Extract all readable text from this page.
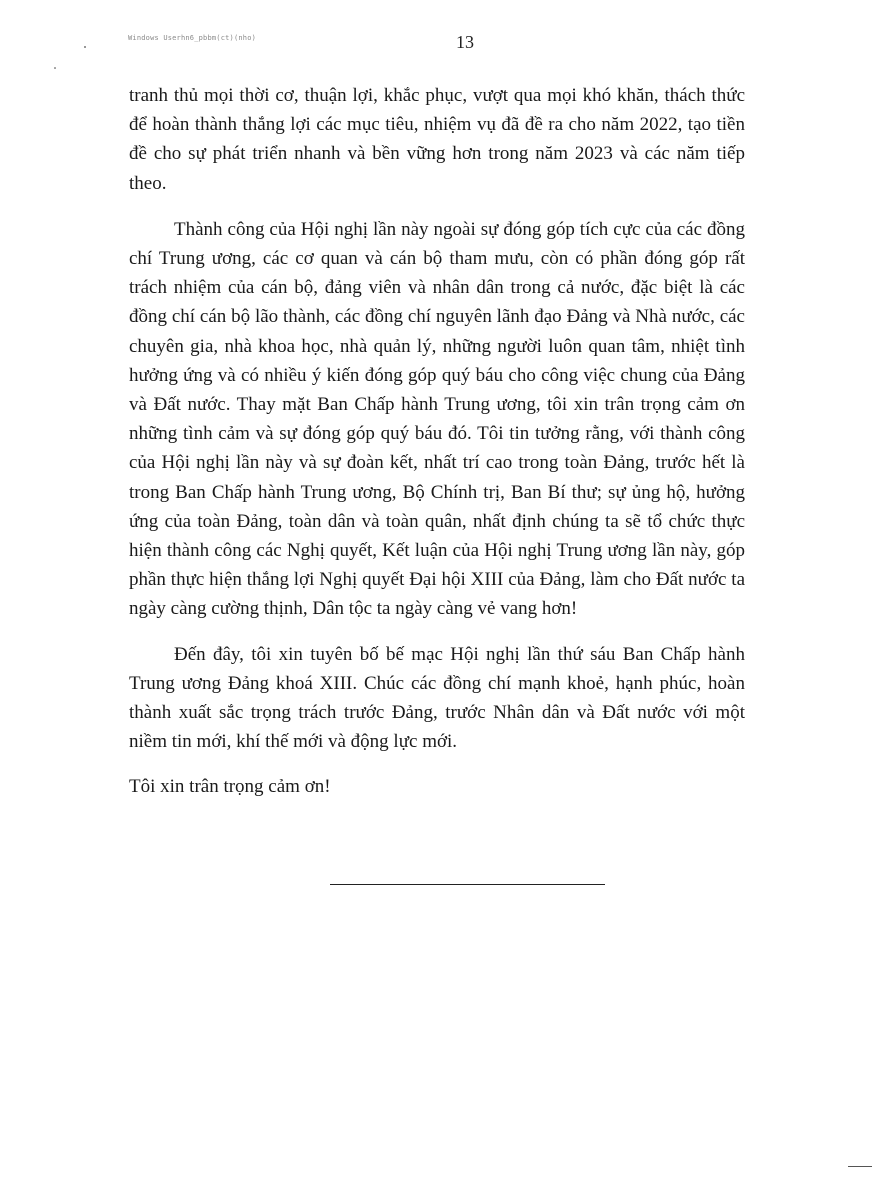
Windows Userhn6_pbbm(ct)(nho)	13

tranh thủ mọi thời cơ, thuận lợi, khắc phục, vượt qua mọi khó khăn, thách thức để hoàn thành thắng lợi các mục tiêu, nhiệm vụ đã đề ra cho năm 2022, tạo tiền đề cho sự phát triển nhanh và bền vững hơn trong năm 2023 và các năm tiếp theo.

Thành công của Hội nghị lần này ngoài sự đóng góp tích cực của các đồng chí Trung ương, các cơ quan và cán bộ tham mưu, còn có phần đóng góp rất trách nhiệm của cán bộ, đảng viên và nhân dân trong cả nước, đặc biệt là các đồng chí cán bộ lão thành, các đồng chí nguyên lãnh đạo Đảng và Nhà nước, các chuyên gia, nhà khoa học, nhà quản lý, những người luôn quan tâm, nhiệt tình hưởng ứng và có nhiều ý kiến đóng góp quý báu cho công việc chung của Đảng và Đất nước. Thay mặt Ban Chấp hành Trung ương, tôi xin trân trọng cảm ơn những tình cảm và sự đóng góp quý báu đó. Tôi tin tưởng rằng, với thành công của Hội nghị lần này và sự đoàn kết, nhất trí cao trong toàn Đảng, trước hết là trong Ban Chấp hành Trung ương, Bộ Chính trị, Ban Bí thư; sự ủng hộ, hưởng ứng của toàn Đảng, toàn dân và toàn quân, nhất định chúng ta sẽ tổ chức thực hiện thành công các Nghị quyết, Kết luận của Hội nghị Trung ương lần này, góp phần thực hiện thắng lợi Nghị quyết Đại hội XIII của Đảng, làm cho Đất nước ta ngày càng cường thịnh, Dân tộc ta ngày càng vẻ vang hơn!

Đến đây, tôi xin tuyên bố bế mạc Hội nghị lần thứ sáu Ban Chấp hành Trung ương Đảng khoá XIII. Chúc các đồng chí mạnh khoẻ, hạnh phúc, hoàn thành xuất sắc trọng trách trước Đảng, trước Nhân dân và Đất nước với một niềm tin mới, khí thế mới và động lực mới.

Tôi xin trân trọng cảm ơn!
